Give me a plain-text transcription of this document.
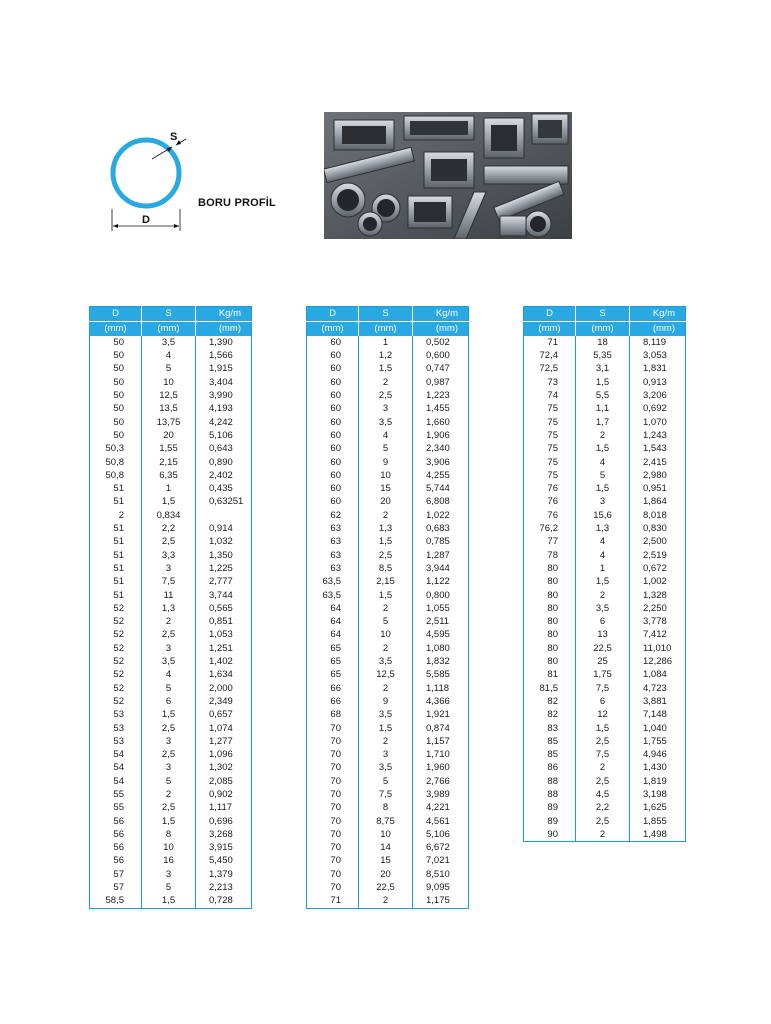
S
D
BORU PROFİL
D	S	Kg/m
(mm)	(mm)	(mm)
50	3,5	1,390
50	4	1,566
50	5	1,915
50	10	3,404
50	12,5	3,990
50	13,5	4,193
50	13,75	4,242
50	20	5,106
50,3	1,55	0,643
50,8	2,15	0,890
50,8	6,35	2,402
51	1	0,435
51	1,5	0,63251
2	0,834	
51	2,2	0,914
51	2,5	1,032
51	3,3	1,350
51	3	1,225
51	7,5	2,777
51	11	3,744
52	1,3	0,565
52	2	0,851
52	2,5	1,053
52	3	1,251
52	3,5	1,402
52	4	1,634
52	5	2,000
52	6	2,349
53	1,5	0,657
53	2,5	1,074
53	3	1,277
54	2,5	1,096
54	3	1,302
54	5	2,085
55	2	0,902
55	2,5	1,117
56	1,5	0,696
56	8	3,268
56	10	3,915
56	16	5,450
57	3	1,379
57	5	2,213
58,5	1,5	0,728
D	S	Kg/m
(mm)	(mm)	(mm)
60	1	0,502
60	1,2	0,600
60	1,5	0,747
60	2	0,987
60	2,5	1,223
60	3	1,455
60	3,5	1,660
60	4	1,906
60	5	2,340
60	9	3,906
60	10	4,255
60	15	5,744
60	20	6,808
62	2	1,022
63	1,3	0,683
63	1,5	0,785
63	2,5	1,287
63	8,5	3,944
63,5	2,15	1,122
63,5	1,5	0,800
64	2	1,055
64	5	2,511
64	10	4,595
65	2	1,080
65	3,5	1,832
65	12,5	5,585
66	2	1,118
66	9	4,366
68	3,5	1,921
70	1,5	0,874
70	2	1,157
70	3	1,710
70	3,5	1,960
70	5	2,766
70	7,5	3,989
70	8	4,221
70	8,75	4,561
70	10	5,106
70	14	6,672
70	15	7,021
70	20	8,510
70	22,5	9,095
71	2	1,175
D	S	Kg/m
(mm)	(mm)	(mm)
71	18	8,119
72,4	5,35	3,053
72,5	3,1	1,831
73	1,5	0,913
74	5,5	3,206
75	1,1	0,692
75	1,7	1,070
75	2	1,243
75	1,5	1,543
75	4	2,415
75	5	2,980
76	1,5	0,951
76	3	1,864
76	15,6	8,018
76,2	1,3	0,830
77	4	2,500
78	4	2,519
80	1	0,672
80	1,5	1,002
80	2	1,328
80	3,5	2,250
80	6	3,778
80	13	7,412
80	22,5	11,010
80	25	12,286
81	1,75	1,084
81,5	7,5	4,723
82	6	3,881
82	12	7,148
83	1,5	1,040
85	2,5	1,755
85	7,5	4,946
86	2	1,430
88	2,5	1,819
88	4,5	3,198
89	2,2	1,625
89	2,5	1,855
90	2	1,498
